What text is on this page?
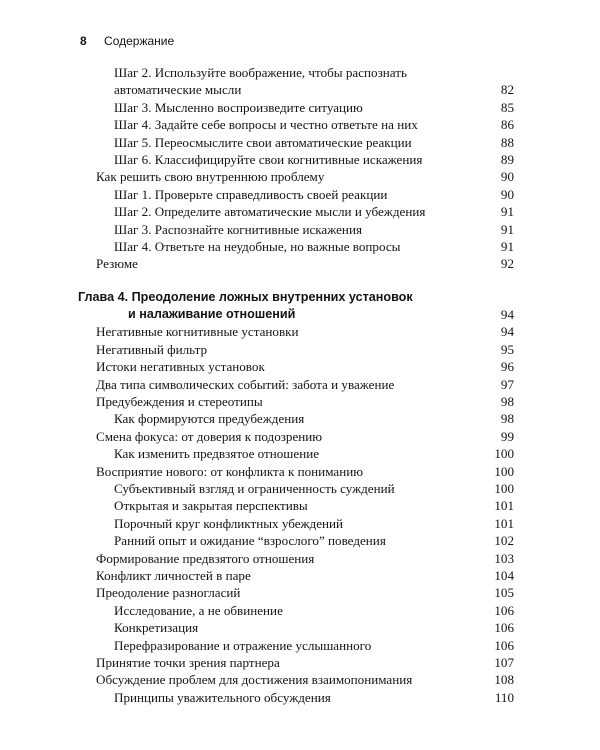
8 Содержание
Шаг 2. Используйте воображение, чтобы распознать
автоматические мысли	82
Шаг 3. Мысленно воспроизведите ситуацию	85
Шаг 4. Задайте себе вопросы и честно ответьте на них	86
Шаг 5. Переосмыслите свои автоматические реакции	88
Шаг 6. Классифицируйте свои когнитивные искажения	89
Как решить свою внутреннюю проблему	90
Шаг 1. Проверьте справедливость своей реакции	90
Шаг 2. Определите автоматические мысли и убеждения	91
Шаг 3. Распознайте когнитивные искажения	91
Шаг 4. Ответьте на неудобные, но важные вопросы	91
Резюме	92
Глава 4. Преодоление ложных внутренних установок
и налаживание отношений	94
Негативные когнитивные установки	94
Негативный фильтр	95
Истоки негативных установок	96
Два типа символических событий: забота и уважение	97
Предубеждения и стереотипы	98
Как формируются предубеждения	98
Смена фокуса: от доверия к подозрению	99
Как изменить предвзятое отношение	100
Восприятие нового: от конфликта к пониманию	100
Субъективный взгляд и ограниченность суждений	100
Открытая и закрытая перспективы	101
Порочный круг конфликтных убеждений	101
Ранний опыт и ожидание “взрослого” поведения	102
Формирование предвзятого отношения	103
Конфликт личностей в паре	104
Преодоление разногласий	105
Исследование, а не обвинение	106
Конкретизация	106
Перефразирование и отражение услышанного	106
Принятие точки зрения партнера	107
Обсуждение проблем для достижения взаимопонимания	108
Принципы уважительного обсуждения	110
